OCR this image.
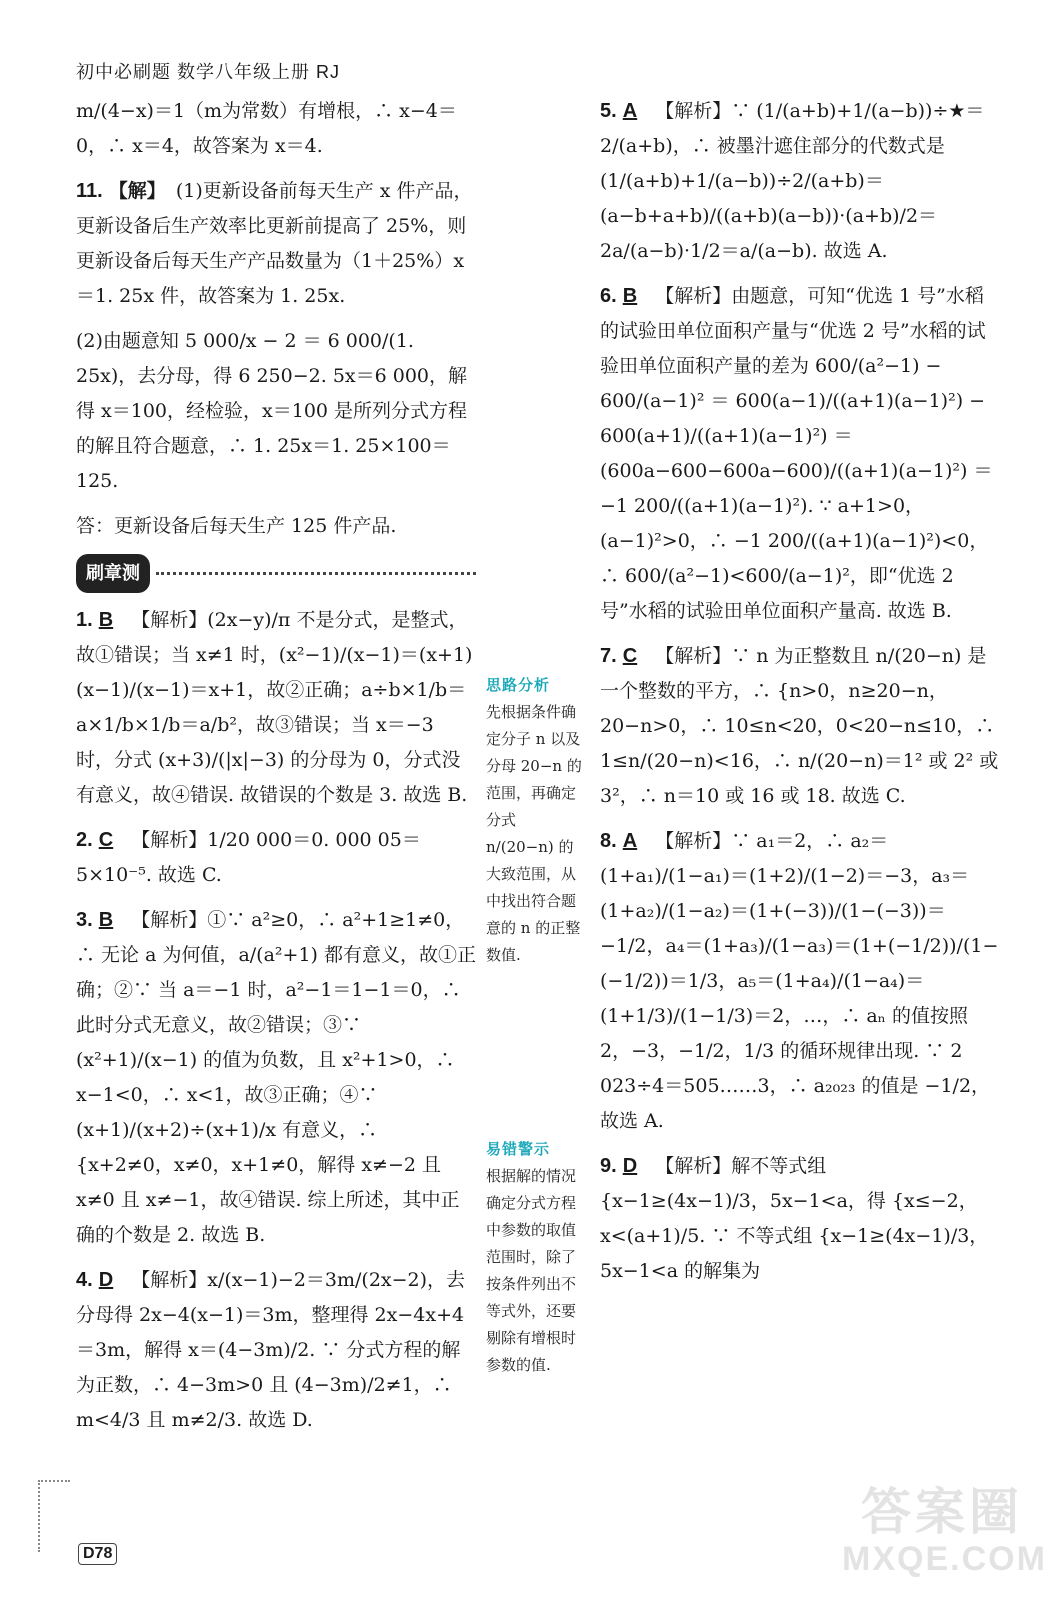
初中必刷题 数学八年级上册 RJ

m/(4−x)＝1（m为常数）有增根，∴ x−4＝0，∴ x＝4，故答案为 x＝4.

11. 【解】 (1)更新设备前每天生产 x 件产品，更新设备后生产效率比更新前提高了 25%，则更新设备后每天生产产品数量为（1＋25%）x＝1. 25x 件，故答案为 1. 25x.

(2)由题意知 5 000/x − 2 ＝ 6 000/(1. 25x)，去分母，得 6 250−2. 5x＝6 000，解得 x＝100，经检验，x＝100 是所列分式方程的解且符合题意，∴ 1. 25x＝1. 25×100＝125.

答：更新设备后每天生产 125 件产品.

刷章测

1. B 【解析】(2x−y)/π 不是分式，是整式，故①错误；当 x≠1 时，(x²−1)/(x−1)＝(x+1)(x−1)/(x−1)＝x+1，故②正确；a÷b×1/b＝a×1/b×1/b＝a/b²，故③错误；当 x＝−3 时，分式 (x+3)/(|x|−3) 的分母为 0，分式没有意义，故④错误. 故错误的个数是 3. 故选 B.

2. C 【解析】1/20 000＝0. 000 05＝5×10⁻⁵. 故选 C.

3. B 【解析】①∵ a²≥0，∴ a²+1≥1≠0，∴ 无论 a 为何值，a/(a²+1) 都有意义，故①正确；②∵ 当 a＝−1 时，a²−1＝1−1＝0，∴ 此时分式无意义，故②错误；③∵ (x²+1)/(x−1) 的值为负数，且 x²+1>0，∴ x−1<0，∴ x<1，故③正确；④∵ (x+1)/(x+2)÷(x+1)/x 有意义，∴ {x+2≠0，x≠0，x+1≠0，解得 x≠−2 且 x≠0 且 x≠−1，故④错误. 综上所述，其中正确的个数是 2. 故选 B.

4. D 【解析】x/(x−1)−2＝3m/(2x−2)，去分母得 2x−4(x−1)＝3m，整理得 2x−4x+4＝3m，解得 x＝(4−3m)/2. ∵ 分式方程的解为正数，∴ 4−3m>0 且 (4−3m)/2≠1，∴ m<4/3 且 m≠2/3. 故选 D.

思路分析
先根据条件确定分子 n 以及分母 20−n 的范围，再确定分式 n/(20−n) 的大致范围，从中找出符合题意的 n 的正整数值.
易错警示
根据解的情况确定分式方程中参数的取值范围时，除了按条件列出不等式外，还要剔除有增根时参数的值.

5. A 【解析】∵ (1/(a+b)+1/(a−b))÷★＝2/(a+b)，∴ 被墨汁遮住部分的代数式是 (1/(a+b)+1/(a−b))÷2/(a+b)＝(a−b+a+b)/((a+b)(a−b))·(a+b)/2＝2a/(a−b)·1/2＝a/(a−b). 故选 A.

6. B 【解析】由题意，可知“优选 1 号”水稻的试验田单位面积产量与“优选 2 号”水稻的试验田单位面积产量的差为 600/(a²−1) − 600/(a−1)² ＝ 600(a−1)/((a+1)(a−1)²) − 600(a+1)/((a+1)(a−1)²) ＝ (600a−600−600a−600)/((a+1)(a−1)²) ＝ −1 200/((a+1)(a−1)²). ∵ a+1>0，(a−1)²>0，∴ −1 200/((a+1)(a−1)²)<0，∴ 600/(a²−1)<600/(a−1)²，即“优选 2 号”水稻的试验田单位面积产量高. 故选 B.

7. C 【解析】∵ n 为正整数且 n/(20−n) 是一个整数的平方，∴ {n>0，n≥20−n，20−n>0，∴ 10≤n<20，0<20−n≤10，∴ 1≤n/(20−n)<16，∴ n/(20−n)＝1² 或 2² 或 3²，∴ n＝10 或 16 或 18. 故选 C.

8. A 【解析】∵ a₁＝2，∴ a₂＝(1+a₁)/(1−a₁)＝(1+2)/(1−2)＝−3，a₃＝(1+a₂)/(1−a₂)＝(1+(−3))/(1−(−3))＝−1/2，a₄＝(1+a₃)/(1−a₃)＝(1+(−1/2))/(1−(−1/2))＝1/3，a₅＝(1+a₄)/(1−a₄)＝(1+1/3)/(1−1/3)＝2，…，∴ aₙ 的值按照 2，−3，−1/2，1/3 的循环规律出现. ∵ 2 023÷4＝505……3，∴ a₂₀₂₃ 的值是 −1/2，故选 A.

9. D 【解析】解不等式组 {x−1≥(4x−1)/3，5x−1<a，得 {x≤−2，x<(a+1)/5. ∵ 不等式组 {x−1≥(4x−1)/3，5x−1<a 的解集为

D78
答案圈
MXQE.COM
